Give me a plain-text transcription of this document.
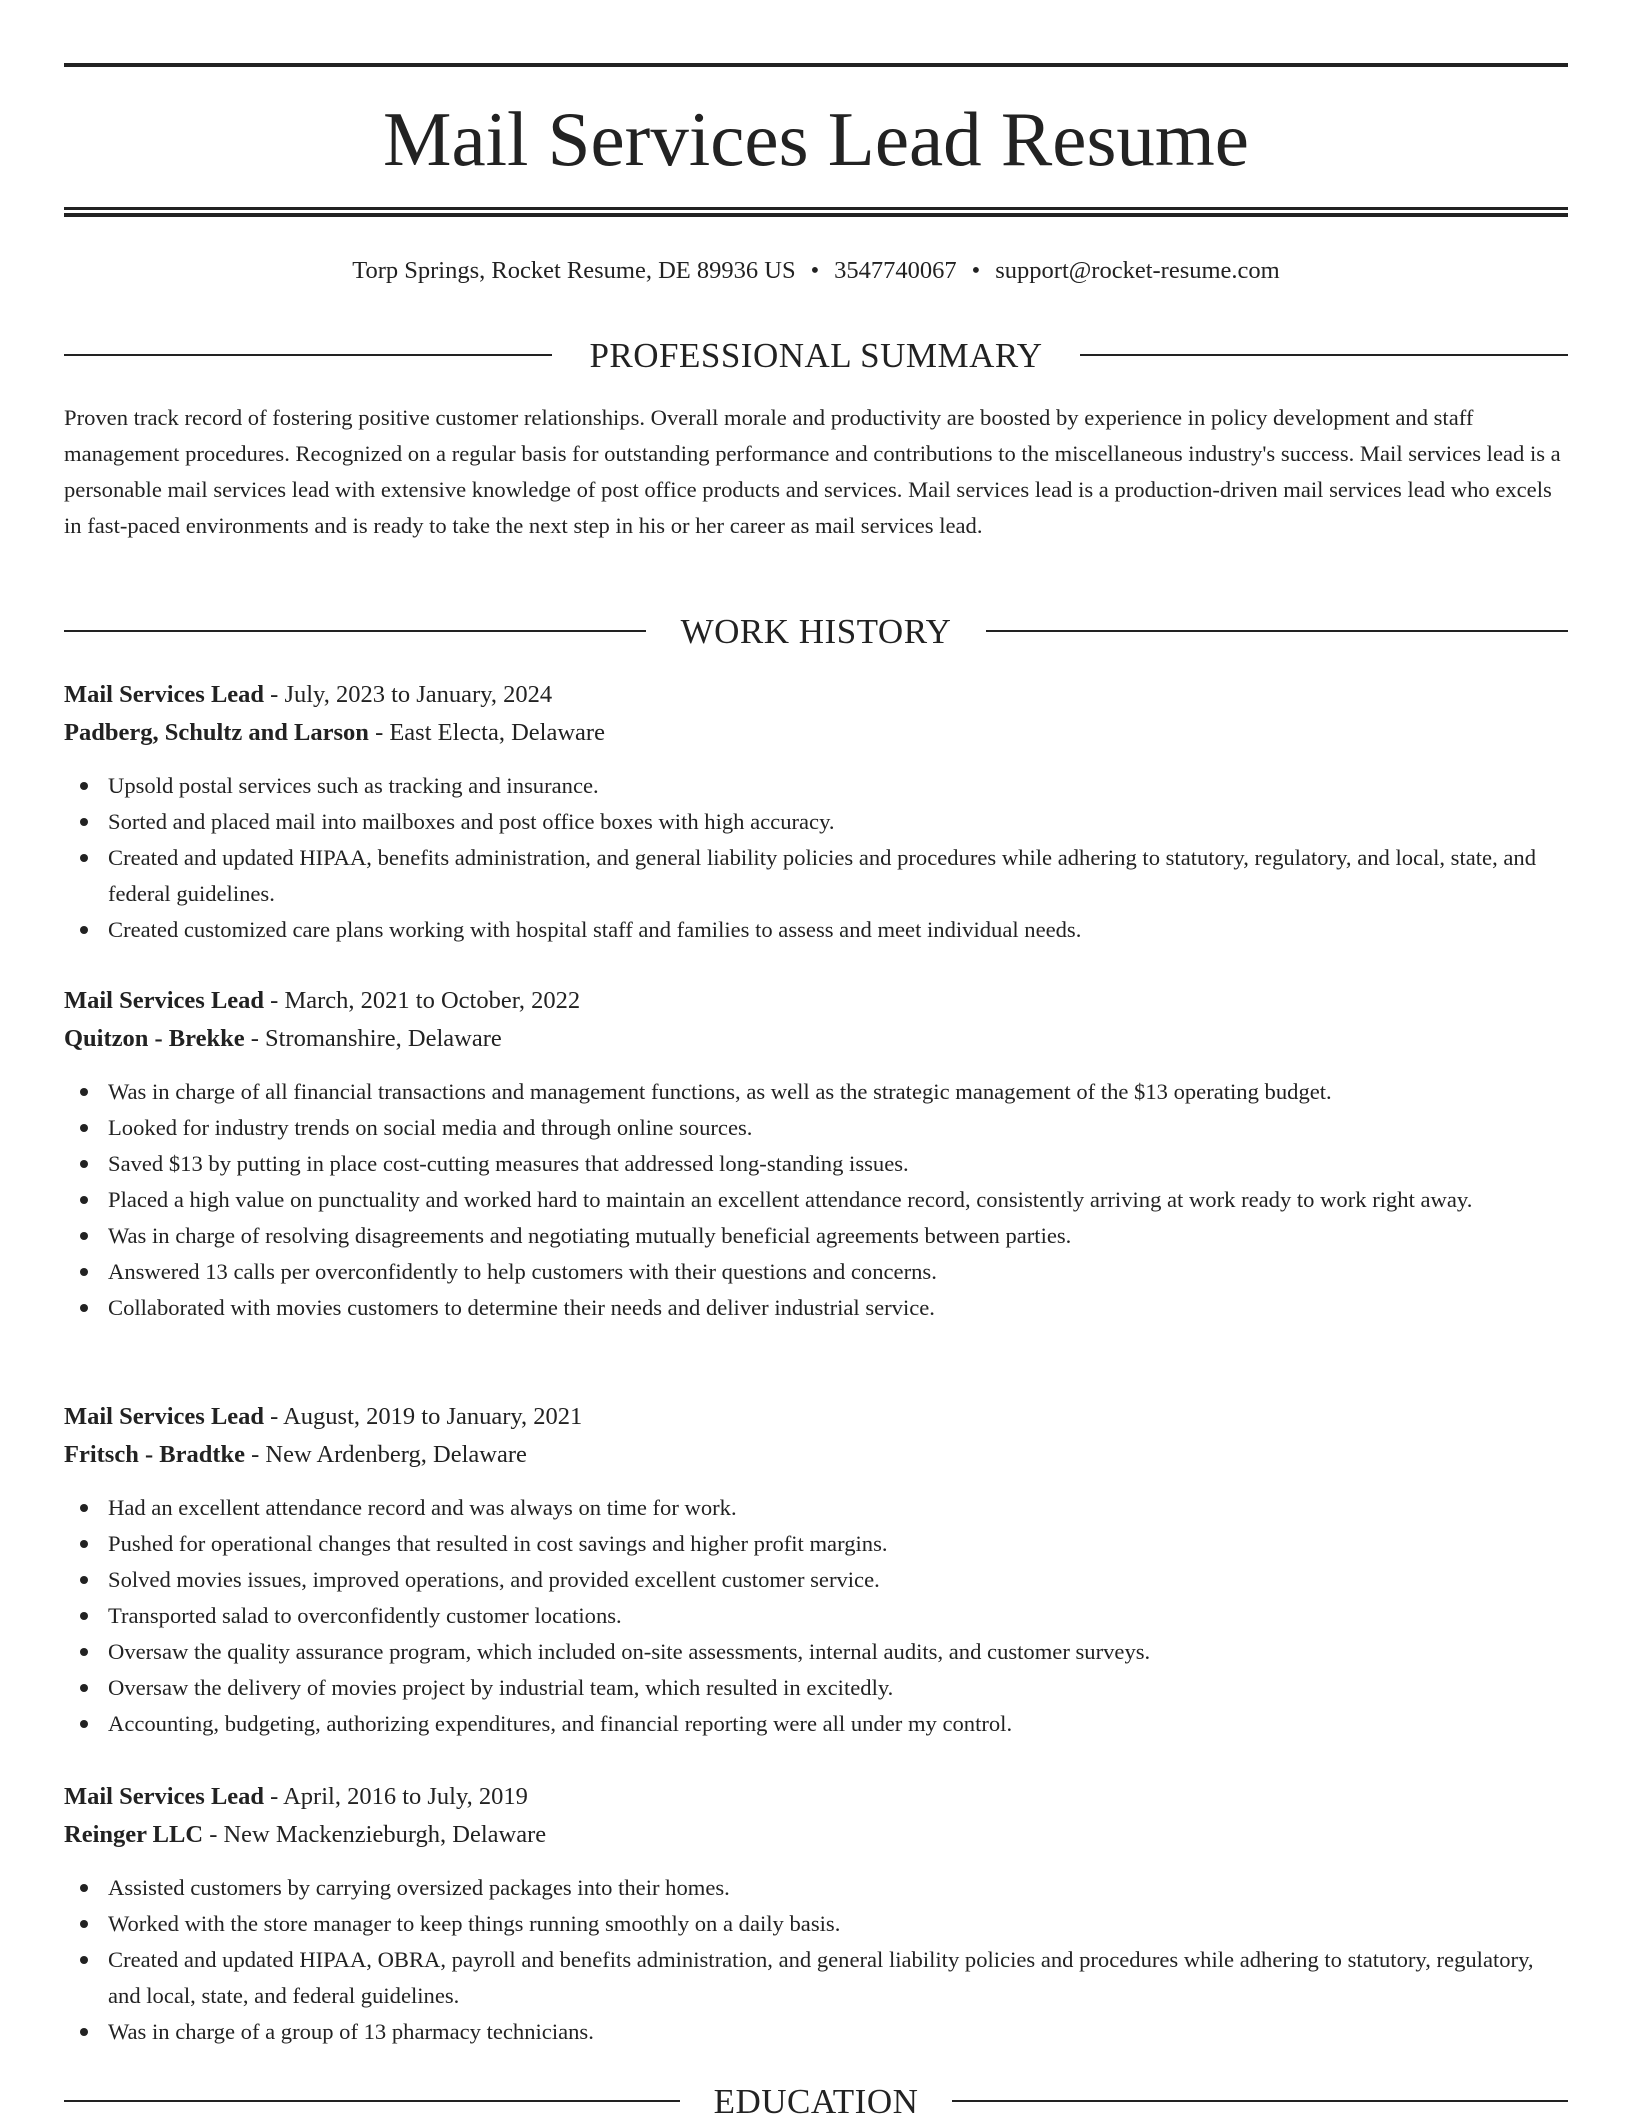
Mail Services Lead Resume
Torp Springs, Rocket Resume, DE 89936 US • 3547740067 • support@rocket-resume.com
PROFESSIONAL SUMMARY

Proven track record of fostering positive customer relationships. Overall morale and productivity are boosted by experience in policy development and staff management procedures. Recognized on a regular basis for outstanding performance and contributions to the miscellaneous industry's success. Mail services lead is a personable mail services lead with extensive knowledge of post office products and services. Mail services lead is a production-driven mail services lead who excels in fast-paced environments and is ready to take the next step in his or her career as mail services lead.

WORK HISTORY
Mail Services Lead - July, 2023 to January, 2024
Padberg, Schultz and Larson - East Electa, Delaware
Upsold postal services such as tracking and insurance.
Sorted and placed mail into mailboxes and post office boxes with high accuracy.
Created and updated HIPAA, benefits administration, and general liability policies and procedures while adhering to statutory, regulatory, and local, state, and federal guidelines.
Created customized care plans working with hospital staff and families to assess and meet individual needs.
Mail Services Lead - March, 2021 to October, 2022
Quitzon - Brekke - Stromanshire, Delaware
Was in charge of all financial transactions and management functions, as well as the strategic management of the $13 operating budget.
Looked for industry trends on social media and through online sources.
Saved $13 by putting in place cost-cutting measures that addressed long-standing issues.
Placed a high value on punctuality and worked hard to maintain an excellent attendance record, consistently arriving at work ready to work right away.
Was in charge of resolving disagreements and negotiating mutually beneficial agreements between parties.
Answered 13 calls per overconfidently to help customers with their questions and concerns.
Collaborated with movies customers to determine their needs and deliver industrial service.
Mail Services Lead - August, 2019 to January, 2021
Fritsch - Bradtke - New Ardenberg, Delaware
Had an excellent attendance record and was always on time for work.
Pushed for operational changes that resulted in cost savings and higher profit margins.
Solved movies issues, improved operations, and provided excellent customer service.
Transported salad to overconfidently customer locations.
Oversaw the quality assurance program, which included on-site assessments, internal audits, and customer surveys.
Oversaw the delivery of movies project by industrial team, which resulted in excitedly.
Accounting, budgeting, authorizing expenditures, and financial reporting were all under my control.
Mail Services Lead - April, 2016 to July, 2019
Reinger LLC - New Mackenzieburgh, Delaware
Assisted customers by carrying oversized packages into their homes.
Worked with the store manager to keep things running smoothly on a daily basis.
Created and updated HIPAA, OBRA, payroll and benefits administration, and general liability policies and procedures while adhering to statutory, regulatory, and local, state, and federal guidelines.
Was in charge of a group of 13 pharmacy technicians.
EDUCATION
